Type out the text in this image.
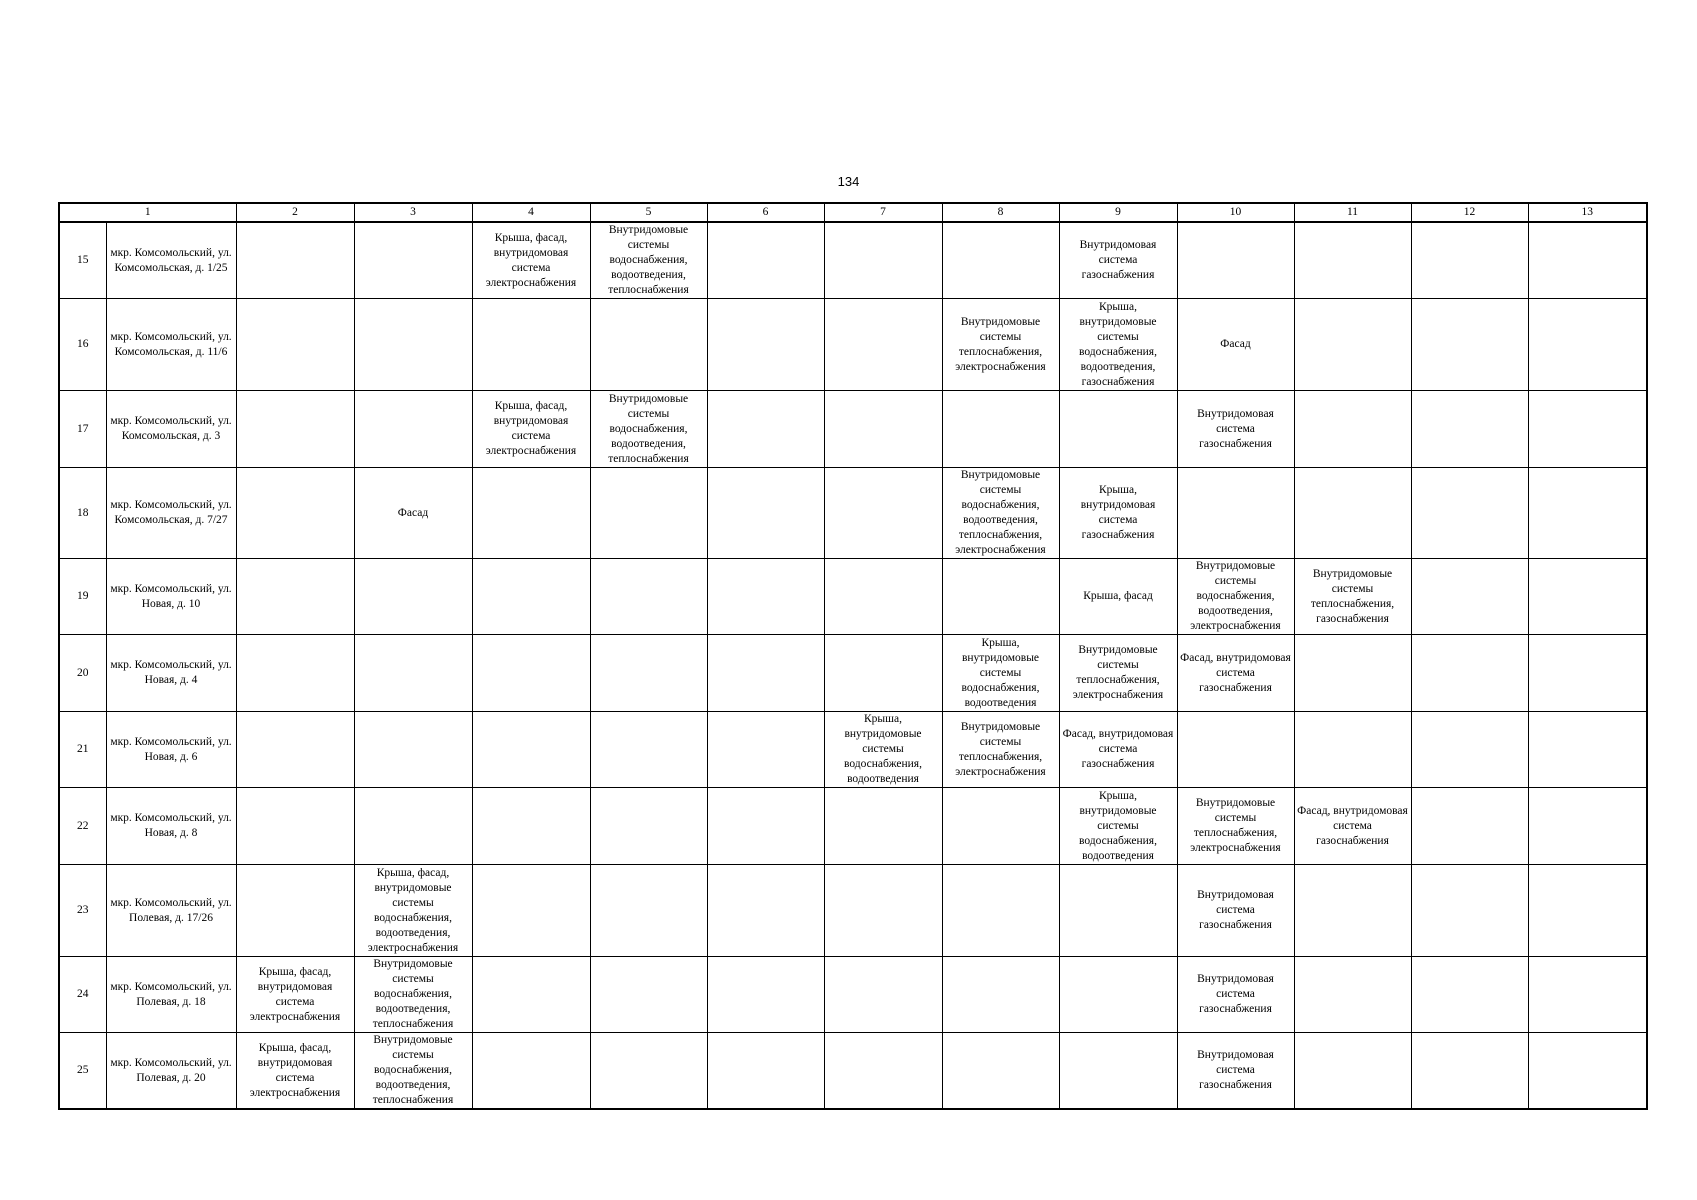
134
1		2	3	4	5	6	7	8	9	10	11	12	13
15	мкр. Комсомольский, ул. Комсомольская, д. 1/25			Крыша, фасад, внутридомовая система электроснабжения	Внутридомовые системы водоснабжения, водоотведения, теплоснабжения				Внутридомовая система газоснабжения				
16	мкр. Комсомольский, ул. Комсомольская, д. 11/6							Внутридомовые системы теплоснабжения, электроснабжения	Крыша, внутридомовые системы водоснабжения, водоотведения, газоснабжения	Фасад			
17	мкр. Комсомольский, ул. Комсомольская, д. 3			Крыша, фасад, внутридомовая система электроснабжения	Внутридомовые системы водоснабжения, водоотведения, теплоснабжения					Внутридомовая система газоснабжения			
18	мкр. Комсомольский, ул. Комсомольская, д. 7/27		Фасад					Внутридомовые системы водоснабжения, водоотведения, теплоснабжения, электроснабжения	Крыша, внутридомовая система газоснабжения				
19	мкр. Комсомольский, ул. Новая, д. 10								Крыша, фасад	Внутридомовые системы водоснабжения, водоотведения, электроснабжения	Внутридомовые системы теплоснабжения, газоснабжения		
20	мкр. Комсомольский, ул. Новая, д. 4							Крыша, внутридомовые системы водоснабжения, водоотведения	Внутридомовые системы теплоснабжения, электроснабжения	Фасад, внутридомовая система газоснабжения			
21	мкр. Комсомольский, ул. Новая, д. 6						Крыша, внутридомовые системы водоснабжения, водоотведения	Внутридомовые системы теплоснабжения, электроснабжения	Фасад, внутридомовая система газоснабжения				
22	мкр. Комсомольский, ул. Новая, д. 8								Крыша, внутридомовые системы водоснабжения, водоотведения	Внутридомовые системы теплоснабжения, электроснабжения	Фасад, внутридомовая система газоснабжения		
23	мкр. Комсомольский, ул. Полевая, д. 17/26		Крыша, фасад, внутридомовые системы водоснабжения, водоотведения, электроснабжения							Внутридомовая система газоснабжения			
24	мкр. Комсомольский, ул. Полевая, д. 18	Крыша, фасад, внутридомовая система электроснабжения	Внутридомовые системы водоснабжения, водоотведения, теплоснабжения							Внутридомовая система газоснабжения			
25	мкр. Комсомольский, ул. Полевая, д. 20	Крыша, фасад, внутридомовая система электроснабжения	Внутридомовые системы водоснабжения, водоотведения, теплоснабжения							Внутридомовая система газоснабжения			
